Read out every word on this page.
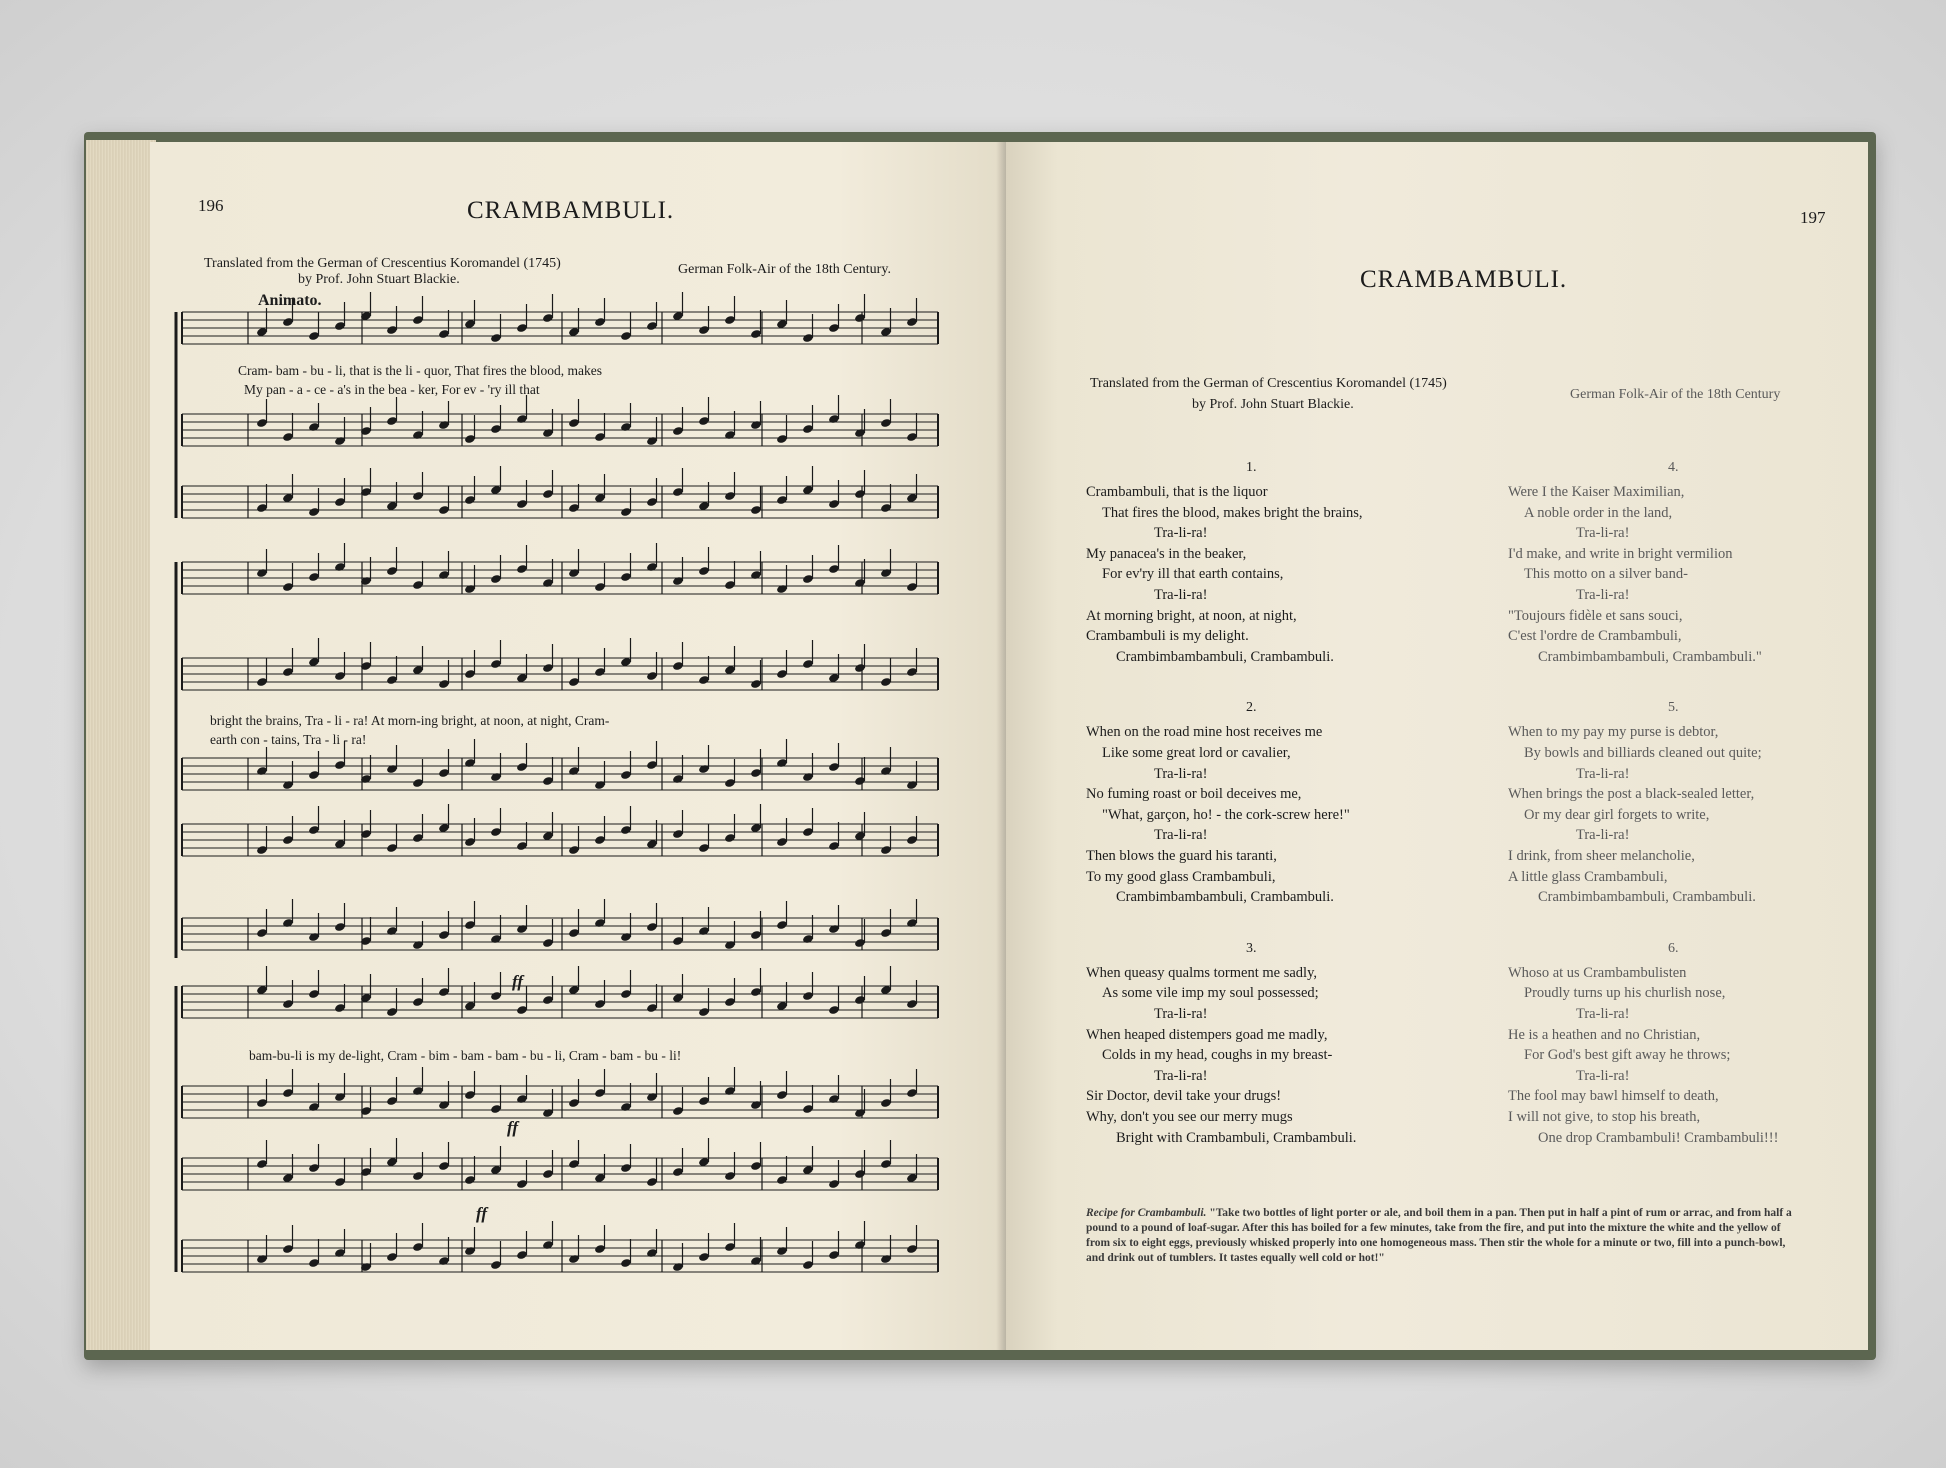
196	CRAMBAMBULI.
Translated from the German of Crescentius Koromandel (1745)
by Prof. John Stuart Blackie.
German Folk-Air of the 18th Century.
Animato.
Cram- bam - bu - li, that is the li - quor, That fires the blood, makes
My pan - a - ce - a's in the bea - ker, For ev - 'ry ill that
bright the brains, Tra - li - ra! At morn-ing bright, at noon, at night, Cram-
earth con - tains, Tra - li - ra!
bam-bu-li is my de-light, Cram - bim - bam - bam - bu - li, Cram - bam - bu - li!
ff
ff
ff
197
CRAMBAMBULI.
Translated from the German of Crescentius Koromandel (1745)
by Prof. John Stuart Blackie.
German Folk-Air of the 18th Century
1.
Crambambuli, that is the liquor
That fires the blood, makes bright the brains,
Tra-li-ra!
My panacea's in the beaker,
For ev'ry ill that earth contains,
Tra-li-ra!
At morning bright, at noon, at night,
Crambambuli is my delight.
Crambimbambambuli, Crambambuli.
2.
When on the road mine host receives me
Like some great lord or cavalier,
Tra-li-ra!
No fuming roast or boil deceives me,
"What, garçon, ho! - the cork-screw here!"
Tra-li-ra!
Then blows the guard his taranti,
To my good glass Crambambuli,
Crambimbambambuli, Crambambuli.
3.
When queasy qualms torment me sadly,
As some vile imp my soul possessed;
Tra-li-ra!
When heaped distempers goad me madly,
Colds in my head, coughs in my breast-
Tra-li-ra!
Sir Doctor, devil take your drugs!
Why, don't you see our merry mugs
Bright with Crambambuli, Crambambuli.
4.
Were I the Kaiser Maximilian,
A noble order in the land,
Tra-li-ra!
I'd make, and write in bright vermilion
This motto on a silver band-
Tra-li-ra!
"Toujours fidèle et sans souci,
C'est l'ordre de Crambambuli,
Crambimbambambuli, Crambambuli."
5.
When to my pay my purse is debtor,
By bowls and billiards cleaned out quite;
Tra-li-ra!
When brings the post a black-sealed letter,
Or my dear girl forgets to write,
Tra-li-ra!
I drink, from sheer melancholie,
A little glass Crambambuli,
Crambimbambambuli, Crambambuli.
6.
Whoso at us Crambambulisten
Proudly turns up his churlish nose,
Tra-li-ra!
He is a heathen and no Christian,
For God's best gift away he throws;
Tra-li-ra!
The fool may bawl himself to death,
I will not give, to stop his breath,
One drop Crambambuli! Crambambuli!!!
Recipe for Crambambuli. "Take two bottles of light porter or ale, and boil them in a pan. Then put in half a pint of rum or arrac, and from half a pound to a pound of loaf-sugar. After this has boiled for a few minutes, take from the fire, and put into the mixture the white and the yellow of from six to eight eggs, previously whisked properly into one homogeneous mass. Then stir the whole for a minute or two, fill into a punch-bowl, and drink out of tumblers. It tastes equally well cold or hot!"
